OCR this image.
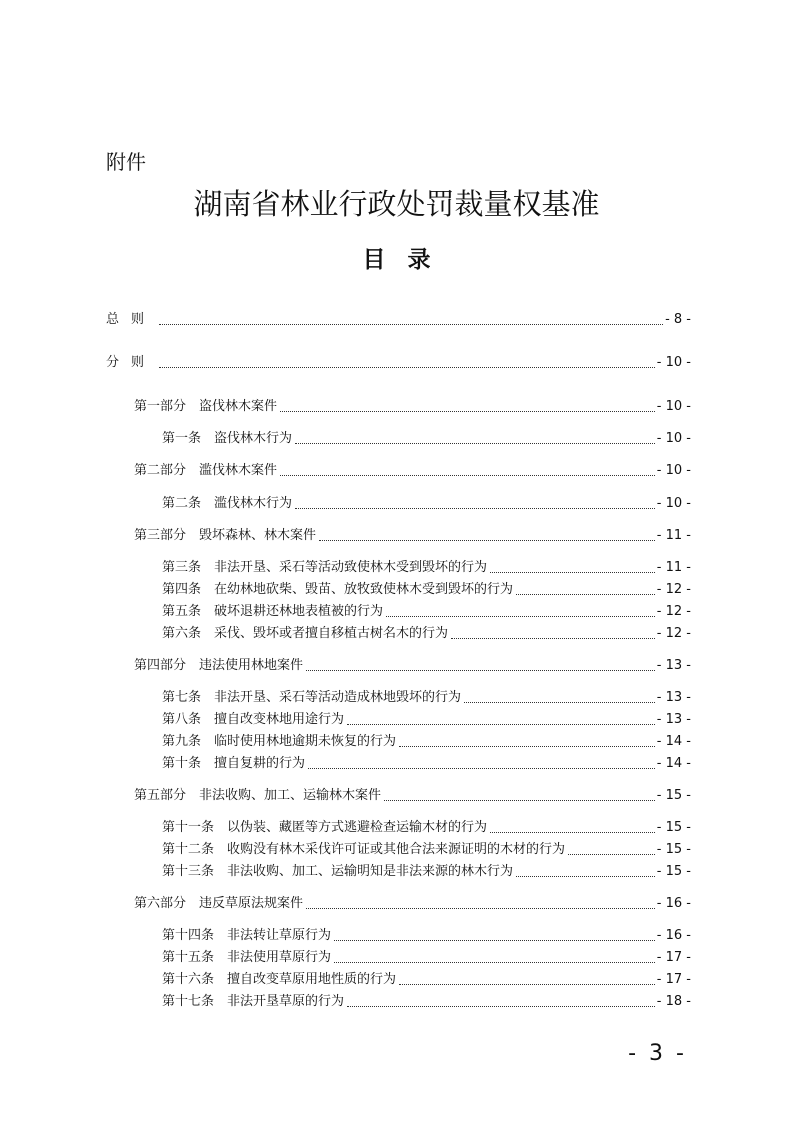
附件
湖南省林业行政处罚裁量权基准
目录
总则	- 8 -
分则	- 10 -
第一部分　盗伐林木案件	- 10 -
第一条　盗伐林木行为	- 10 -
第二部分　滥伐林木案件	- 10 -
第二条　滥伐林木行为	- 10 -
第三部分　毁坏森林、林木案件	- 11 -
第三条　非法开垦、采石等活动致使林木受到毁坏的行为	- 11 -
第四条　在幼林地砍柴、毁苗、放牧致使林木受到毁坏的行为	- 12 -
第五条　破坏退耕还林地表植被的行为	- 12 -
第六条　采伐、毁坏或者擅自移植古树名木的行为	- 12 -
第四部分　违法使用林地案件	- 13 -
第七条　非法开垦、采石等活动造成林地毁坏的行为	- 13 -
第八条　擅自改变林地用途行为	- 13 -
第九条　临时使用林地逾期未恢复的行为	- 14 -
第十条　擅自复耕的行为	- 14 -
第五部分　非法收购、加工、运输林木案件	- 15 -
第十一条　以伪装、藏匿等方式逃避检查运输木材的行为	- 15 -
第十二条　收购没有林木采伐许可证或其他合法来源证明的木材的行为	- 15 -
第十三条　非法收购、加工、运输明知是非法来源的林木行为	- 15 -
第六部分　违反草原法规案件	- 16 -
第十四条　非法转让草原行为	- 16 -
第十五条　非法使用草原行为	- 17 -
第十六条　擅自改变草原用地性质的行为	- 17 -
第十七条　非法开垦草原的行为	- 18 -
- 3 -
